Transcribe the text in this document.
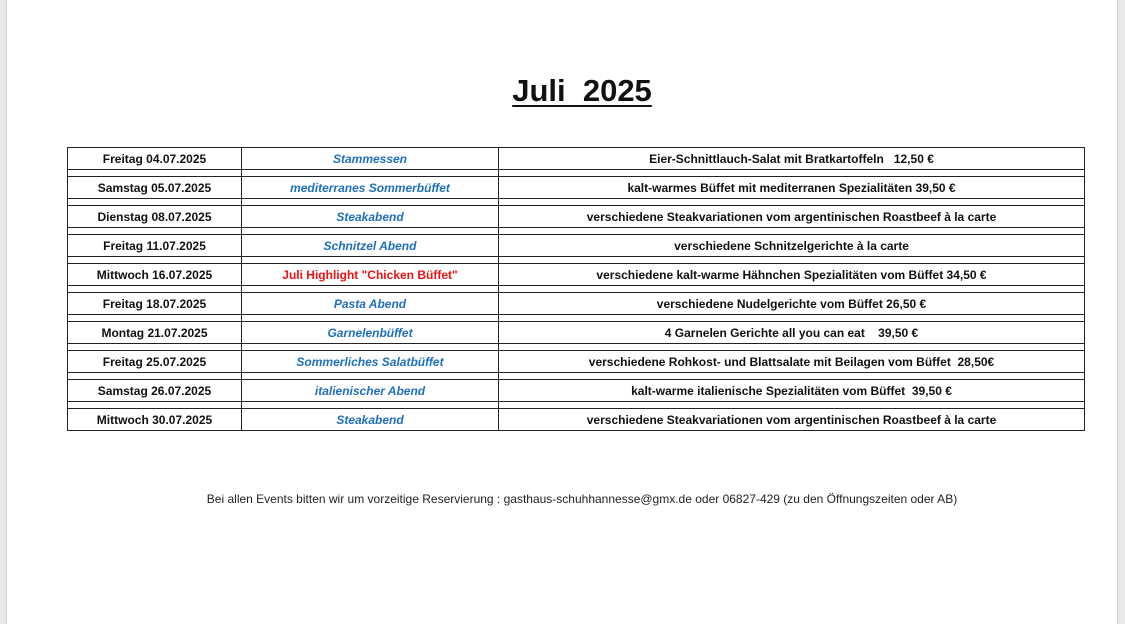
Juli  2025
Freitag 04.07.2025	Stammessen	Eier-Schnittlauch-Salat mit Bratkartoffeln   12,50 €

Samstag 05.07.2025	mediterranes Sommerbüffet	kalt-warmes Büffet mit mediterranen Spezialitäten 39,50 €

Dienstag 08.07.2025	Steakabend	verschiedene Steakvariationen vom argentinischen Roastbeef à la carte

Freitag 11.07.2025	Schnitzel Abend	verschiedene Schnitzelgerichte à la carte

Mittwoch 16.07.2025	Juli Highlight "Chicken Büffet"	verschiedene kalt-warme Hähnchen Spezialitäten vom Büffet 34,50 €

Freitag 18.07.2025	Pasta Abend	verschiedene Nudelgerichte vom Büffet 26,50 €

Montag 21.07.2025	Garnelenbüffet	4 Garnelen Gerichte all you can eat    39,50 €

Freitag 25.07.2025	Sommerliches Salatbüffet	verschiedene Rohkost- und Blattsalate mit Beilagen vom Büffet  28,50€

Samstag 26.07.2025	italienischer Abend	kalt-warme italienische Spezialitäten vom Büffet  39,50 €

Mittwoch 30.07.2025	Steakabend	verschiedene Steakvariationen vom argentinischen Roastbeef à la carte

Bei allen Events bitten wir um vorzeitige Reservierung : gasthaus-schuhhannesse@gmx.de oder 06827-429 (zu den Öffnungszeiten oder AB)
